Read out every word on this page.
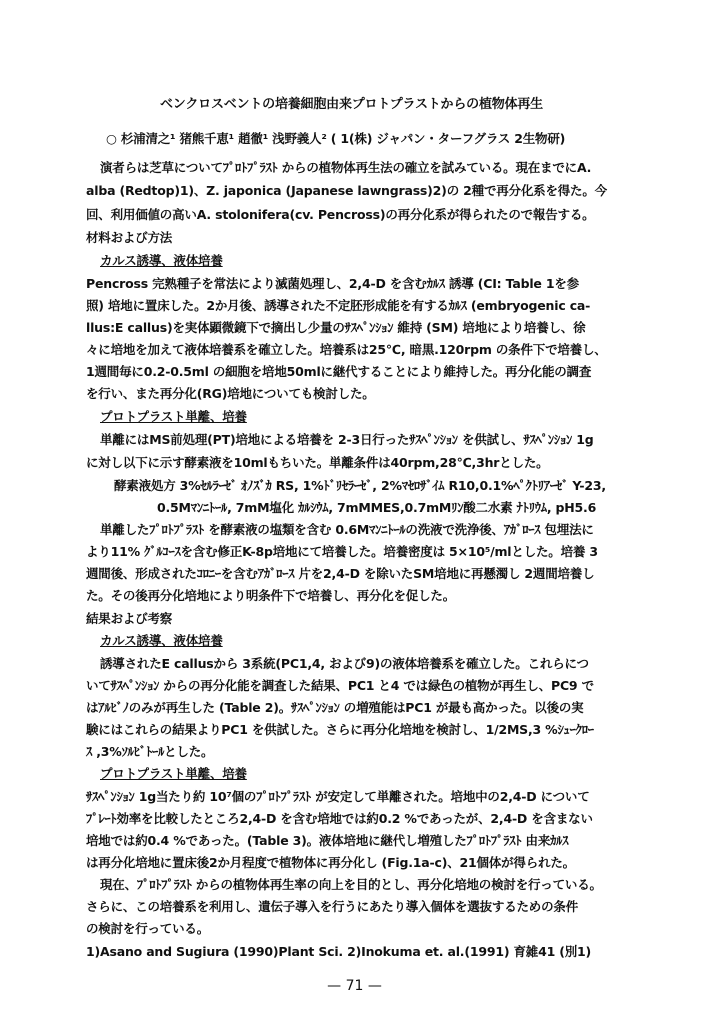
ベンクロスベントの培養細胞由来プロトプラストからの植物体再生
○ 杉浦清之¹ 猪熊千恵¹ 趙徹¹ 浅野義人² ( 1(株) ジャパン・ターフグラス 2生物研)
演者らは芝草についてﾌﾟﾛﾄﾌﾟﾗｽﾄ からの植物体再生法の確立を試みている。現在までにA.
alba (Redtop)1)、Z. japonica (Japanese lawngrass)2)の 2種で再分化系を得た。今
回、利用価値の高いA. stolonifera(cv. Pencross)の再分化系が得られたので報告する。
材料および方法
カルス誘導、液体培養
Pencross 完熟種子を常法により滅菌処理し、2,4-D を含むｶﾙｽ 誘導 (CI: Table 1を参
照) 培地に置床した。2か月後、誘導された不定胚形成能を有するｶﾙｽ (embryogenic ca-
llus:E callus)を実体顕微鏡下で摘出し少量のｻｽﾍﾟﾝｼｮﾝ 維持 (SM) 培地により培養し、徐
々に培地を加えて液体培養系を確立した。培養系は25℃, 暗黒.120rpm の条件下で培養し、
1週間毎に0.2-0.5ml の細胞を培地50mlに継代することにより維持した。再分化能の調査
を行い、また再分化(RG)培地についても検討した。
プロトプラスト単離、培養
単離にはMS前処理(PT)培地による培養を 2-3日行ったｻｽﾍﾟﾝｼｮﾝ を供試し、ｻｽﾍﾟﾝｼｮﾝ 1g
に対し以下に示す酵素液を10mlもちいた。単離条件は40rpm,28℃,3hrとした。
酵素液処方 3%ｾﾙﾗｰｾﾞ ｵﾉｽﾞｶ RS, 1%ﾄﾞﾘｾﾗｰｾﾞ, 2%ﾏｾﾛｻﾞｲﾑ R10,0.1%ﾍﾟｸﾄﾘｱｰｾﾞ Y-23,
0.5Mﾏﾝﾆﾄｰﾙ, 7mM塩化 ｶﾙｼｳﾑ, 7mMMES,0.7mMﾘﾝ酸二水素 ﾅﾄﾘｳﾑ, pH5.6
単離したﾌﾟﾛﾄﾌﾟﾗｽﾄ を酵素液の塩類を含む 0.6Mﾏﾝﾆﾄｰﾙの洗液で洗浄後、ｱｶﾞﾛｰｽ 包埋法に
より11% ｸﾞﾙｺｰｽを含む修正K-8p培地にて培養した。培養密度は 5×10⁵/mlとした。培養 3
週間後、形成されたｺﾛﾆｰを含むｱｶﾞﾛｰｽ 片を2,4-D を除いたSM培地に再懸濁し 2週間培養し
た。その後再分化培地により明条件下で培養し、再分化を促した。
結果および考察
カルス誘導、液体培養
誘導されたE callusから 3系統(PC1,4, および9)の液体培養系を確立した。これらにつ
いてｻｽﾍﾟﾝｼｮﾝ からの再分化能を調査した結果、PC1 と4 では緑色の植物が再生し、PC9 で
はｱﾙﾋﾞﾉのみが再生した (Table 2)。ｻｽﾍﾟﾝｼｮﾝ の増殖能はPC1 が最も高かった。以後の実
験にはこれらの結果よりPC1 を供試した。さらに再分化培地を検討し、1/2MS,3 %ｼｭｰｸﾛｰ
ｽ ,3%ｿﾙﾋﾞﾄｰﾙとした。
プロトプラスト単離、培養
ｻｽﾍﾟﾝｼｮﾝ 1g当たり約 10⁷個のﾌﾟﾛﾄﾌﾟﾗｽﾄ が安定して単離された。培地中の2,4-D について
ﾌﾟﾚｰﾄ効率を比較したところ2,4-D を含む培地では約0.2 %であったが、2,4-D を含まない
培地では約0.4 %であった。(Table 3)。液体培地に継代し増殖したﾌﾟﾛﾄﾌﾟﾗｽﾄ 由来ｶﾙｽ
は再分化培地に置床後2か月程度で植物体に再分化し (Fig.1a-c)、21個体が得られた。
現在、ﾌﾟﾛﾄﾌﾟﾗｽﾄ からの植物体再生率の向上を目的とし、再分化培地の検討を行っている。
さらに、この培養系を利用し、遺伝子導入を行うにあたり導入個体を選抜するための条件
の検討を行っている。
1)Asano and Sugiura (1990)Plant Sci. 2)Inokuma et. al.(1991) 育雑41 (別1)
— 71 —
